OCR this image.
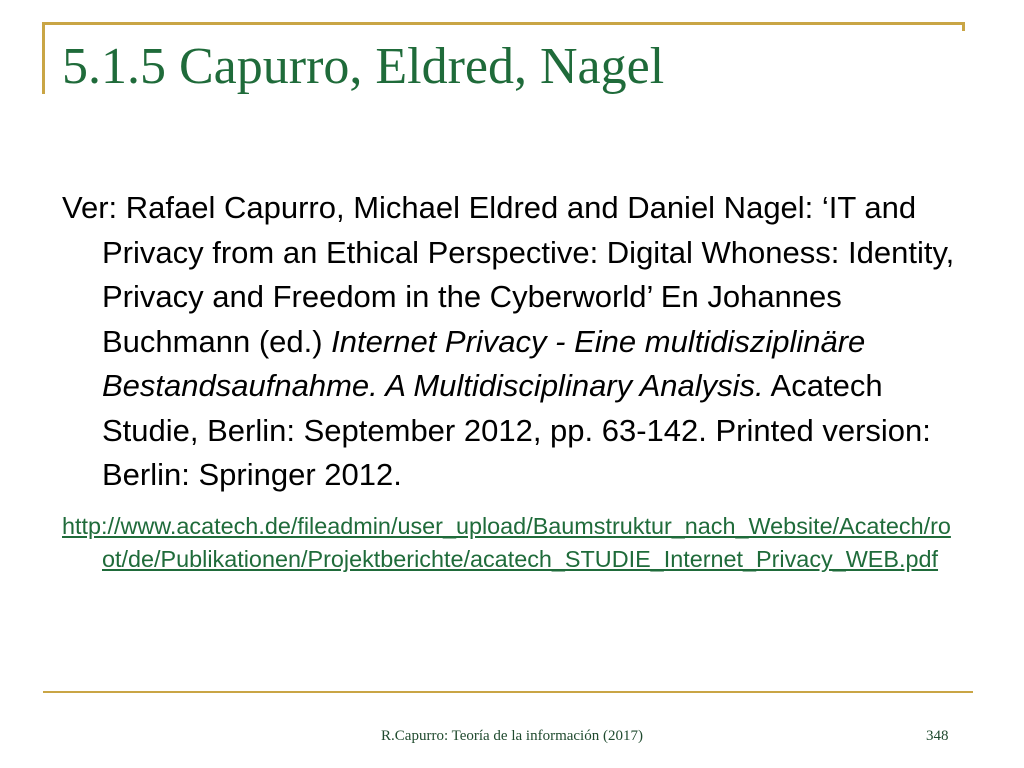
5.1.5 Capurro, Eldred, Nagel

Ver: Rafael Capurro, Michael Eldred and Daniel Nagel: ‘IT and Privacy from an Ethical Perspective: Digital Whoness: Identity, Privacy and Freedom in the Cyberworld’ En Johannes Buchmann (ed.) Internet Privacy - Eine multidisziplinäre Bestandsaufnahme. A Multidisciplinary Analysis. Acatech Studie, Berlin: September 2012, pp. 63-142. Printed version: Berlin: Springer 2012.

http://www.acatech.de/fileadmin/user_upload/Baumstruktur_nach_Website/Acatech/root/de/Publikationen/Projektberichte/acatech_STUDIE_Internet_Privacy_WEB.pdf
R.Capurro: Teoría de la información (2017)	348
